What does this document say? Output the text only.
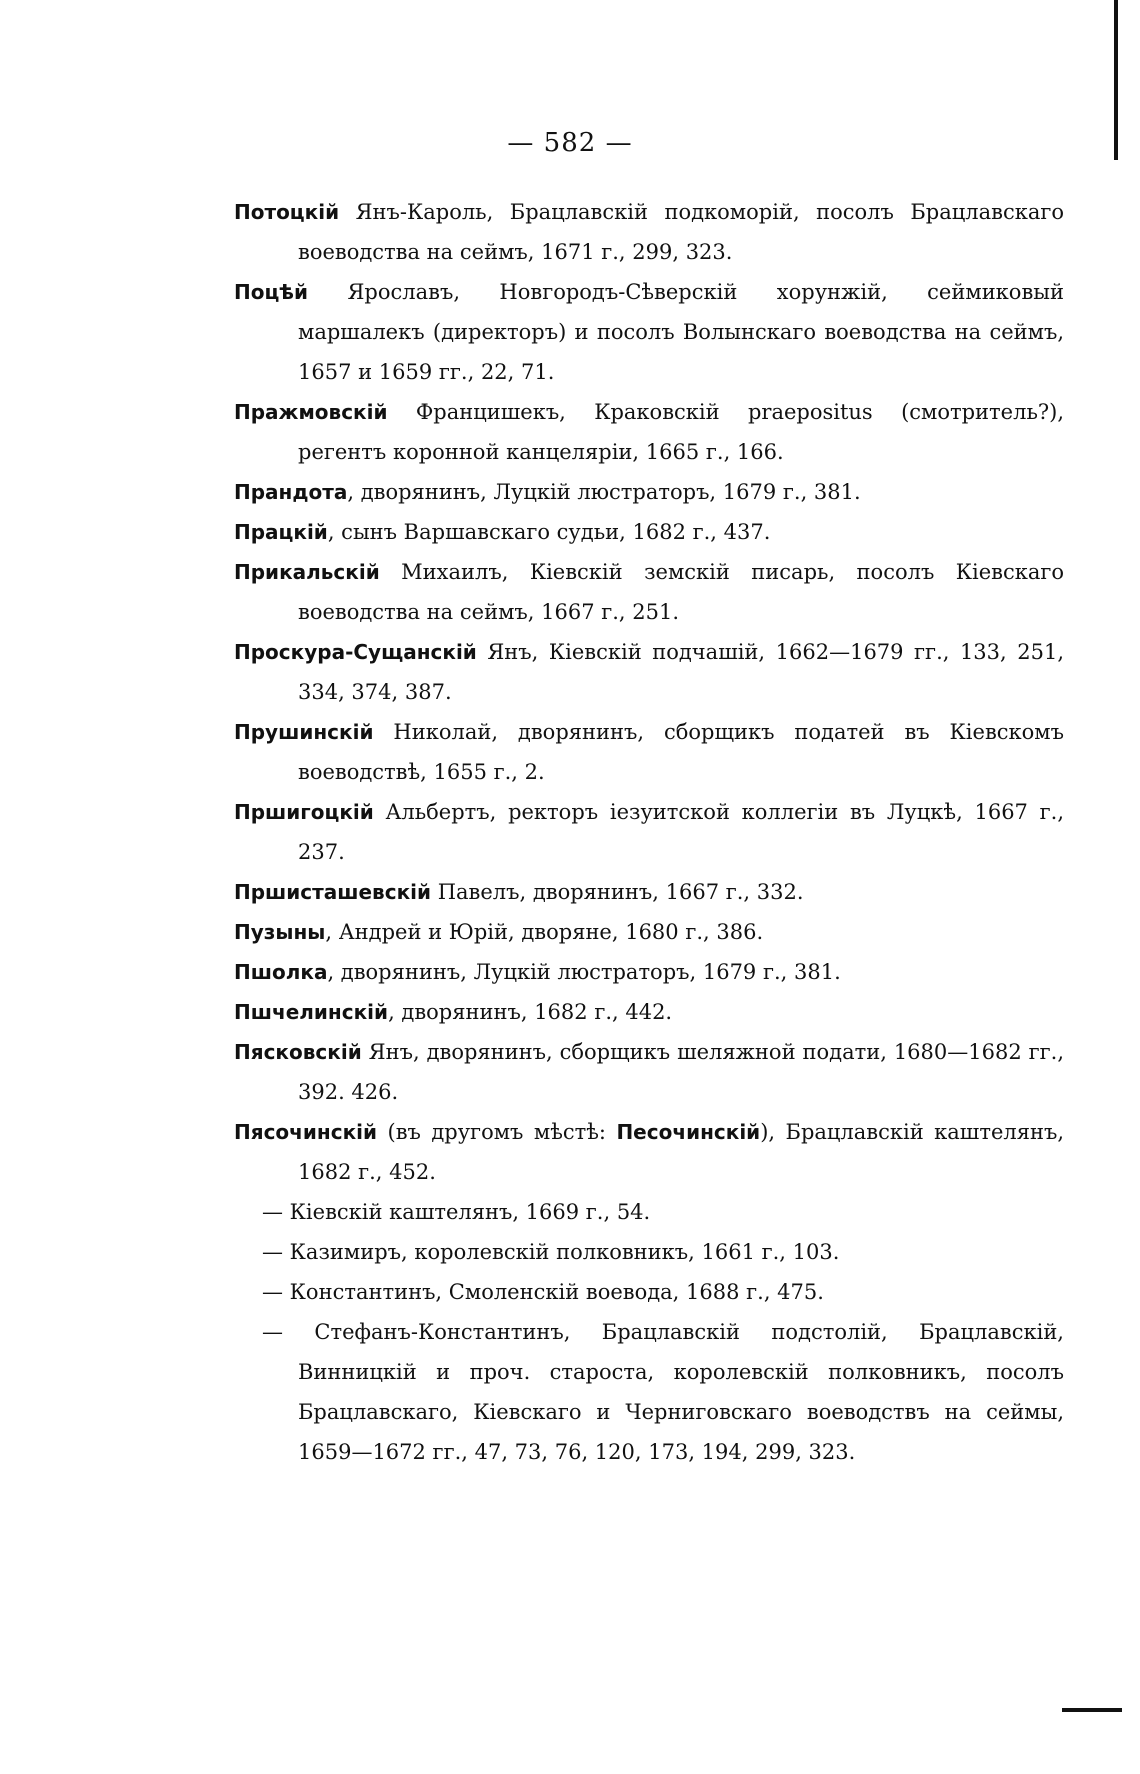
— 582 —
Потоцкій Янъ-Кароль, Брацлавскій подкоморій, посолъ Брацлавскаго воеводства на сеймъ, 1671 г., 299, 323.
Поцѣй Ярославъ, Новгородъ-Сѣверскій хорунжій, сеймиковый маршалекъ (директоръ) и посолъ Волынскаго воеводства на сеймъ, 1657 и 1659 гг., 22, 71.
Пражмовскій Францишекъ, Краковскій praepositus (смотритель?), регентъ коронной канцеляріи, 1665 г., 166.
Прандота, дворянинъ, Луцкій люстраторъ, 1679 г., 381.
Працкій, сынъ Варшавскаго судьи, 1682 г., 437.
Прикальскій Михаилъ, Кіевскій земскій писарь, посолъ Кіевскаго воеводства на сеймъ, 1667 г., 251.
Проскура-Сущанскій Янъ, Кіевскій подчашій, 1662—1679 гг., 133, 251, 334, 374, 387.
Прушинскій Николай, дворянинъ, сборщикъ податей въ Кіевскомъ воеводствѣ, 1655 г., 2.
Пршигоцкій Альбертъ, ректоръ іезуитской коллегіи въ Луцкѣ, 1667 г., 237.
Пршисташевскій Павелъ, дворянинъ, 1667 г., 332.
Пузыны, Андрей и Юрій, дворяне, 1680 г., 386.
Пшолка, дворянинъ, Луцкій люстраторъ, 1679 г., 381.
Пшчелинскій, дворянинъ, 1682 г., 442.
Пясковскій Янъ, дворянинъ, сборщикъ шеляжной подати, 1680—1682 гг., 392. 426.
Пясочинскій (въ другомъ мѣстѣ: Песочинскій), Брацлавскій каштелянъ, 1682 г., 452.
— Кіевскій каштелянъ, 1669 г., 54.
— Казимиръ, королевскій полковникъ, 1661 г., 103.
— Константинъ, Смоленскій воевода, 1688 г., 475.
— Стефанъ-Константинъ, Брацлавскій подстолій, Брацлавскій, Винницкій и проч. староста, королевскій полковникъ, посолъ Брацлавскаго, Кіевскаго и Черниговскаго воеводствъ на сеймы, 1659—1672 гг., 47, 73, 76, 120, 173, 194, 299, 323.
